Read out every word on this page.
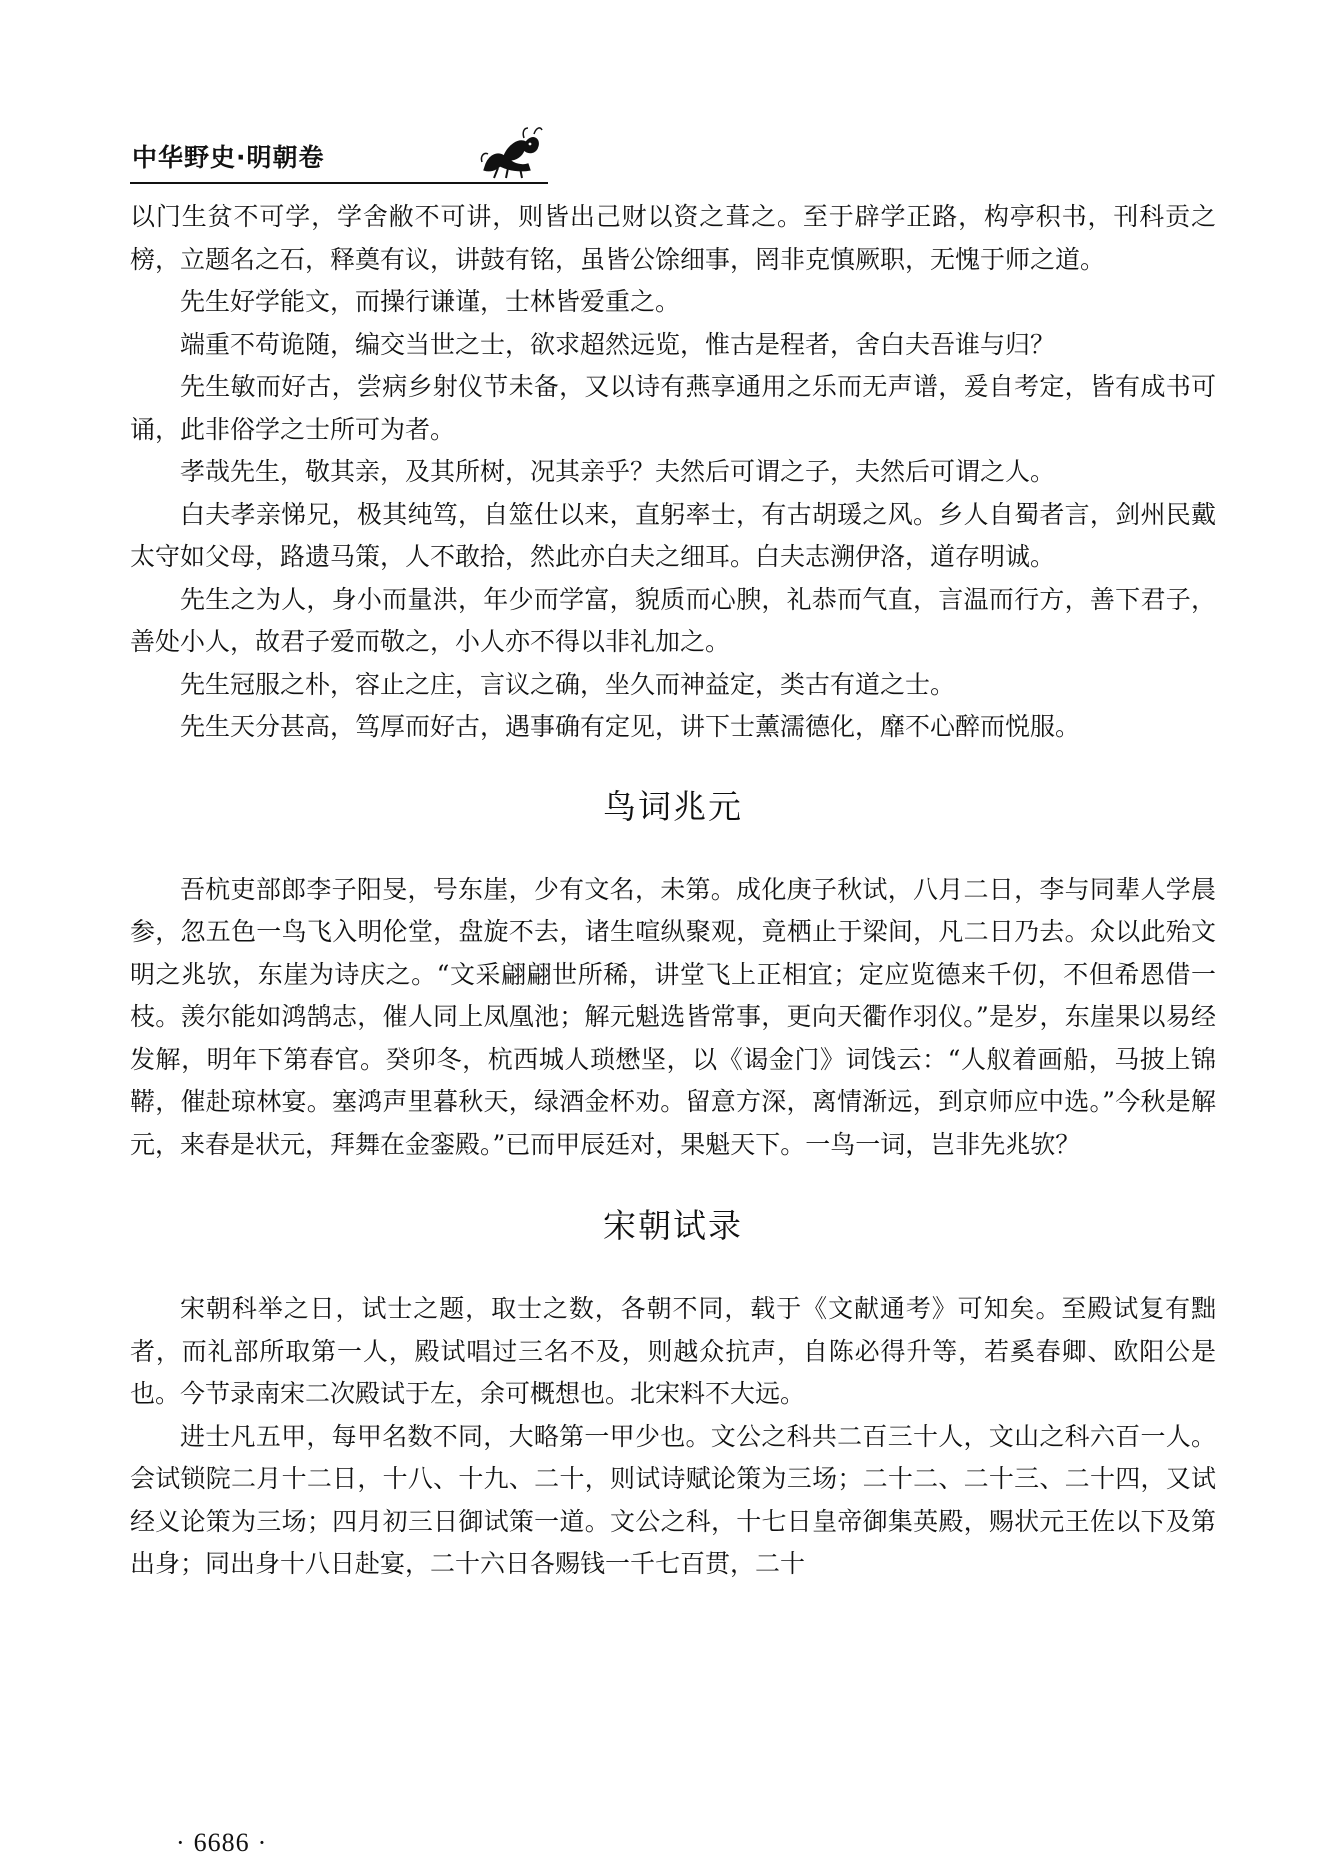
中华野史·明朝卷

以门生贫不可学，学舍敝不可讲，则皆出己财以资之葺之。至于辟学正路，构亭积书，刊科贡之榜，立题名之石，释奠有议，讲鼓有铭，虽皆公馀细事，罔非克慎厥职，无愧于师之道。

先生好学能文，而操行谦谨，士林皆爱重之。

端重不苟诡随，编交当世之士，欲求超然远览，惟古是程者，舍白夫吾谁与归？

先生敏而好古，尝病乡射仪节未备，又以诗有燕享通用之乐而无声谱，爰自考定，皆有成书可诵，此非俗学之士所可为者。

孝哉先生，敬其亲，及其所树，况其亲乎？夫然后可谓之子，夫然后可谓之人。

白夫孝亲悌兄，极其纯笃，自筮仕以来，直躬率士，有古胡瑗之风。乡人自蜀者言，剑州民戴太守如父母，路遗马策，人不敢拾，然此亦白夫之细耳。白夫志溯伊洛，道存明诚。

先生之为人，身小而量洪，年少而学富，貌质而心腴，礼恭而气直，言温而行方，善下君子，善处小人，故君子爱而敬之，小人亦不得以非礼加之。

先生冠服之朴，容止之庄，言议之确，坐久而神益定，类古有道之士。

先生天分甚高，笃厚而好古，遇事确有定见，讲下士薰濡德化，靡不心醉而悦服。

鸟词兆元

吾杭吏部郎李子阳旻，号东崖，少有文名，未第。成化庚子秋试，八月二日，李与同辈人学晨参，忽五色一鸟飞入明伦堂，盘旋不去，诸生喧纵聚观，竟栖止于梁间，凡二日乃去。众以此殆文明之兆欤，东崖为诗庆之。“文采翩翩世所稀，讲堂飞上正相宜；定应览德来千仞，不但希恩借一枝。羡尔能如鸿鹄志，催人同上凤凰池；解元魁选皆常事，更向天衢作羽仪。”是岁，东崖果以易经发解，明年下第春官。癸卯冬，杭西城人琐懋坚，以《谒金门》词饯云：“人舣着画船，马披上锦鞯，催赴琼林宴。塞鸿声里暮秋天，绿酒金杯劝。留意方深，离情渐远，到京师应中选。”今秋是解元，来春是状元，拜舞在金銮殿。”已而甲辰廷对，果魁天下。一鸟一词，岂非先兆欤？

宋朝试录

宋朝科举之日，试士之题，取士之数，各朝不同，载于《文献通考》可知矣。至殿试复有黜者，而礼部所取第一人，殿试唱过三名不及，则越众抗声，自陈必得升等，若奚春卿、欧阳公是也。今节录南宋二次殿试于左，余可概想也。北宋料不大远。

进士凡五甲，每甲名数不同，大略第一甲少也。文公之科共二百三十人，文山之科六百一人。会试锁院二月十二日，十八、十九、二十，则试诗赋论策为三场；二十二、二十三、二十四，又试经义论策为三场；四月初三日御试策一道。文公之科，十七日皇帝御集英殿，赐状元王佐以下及第出身；同出身十八日赴宴，二十六日各赐钱一千七百贯，二十

· 6686 ·
